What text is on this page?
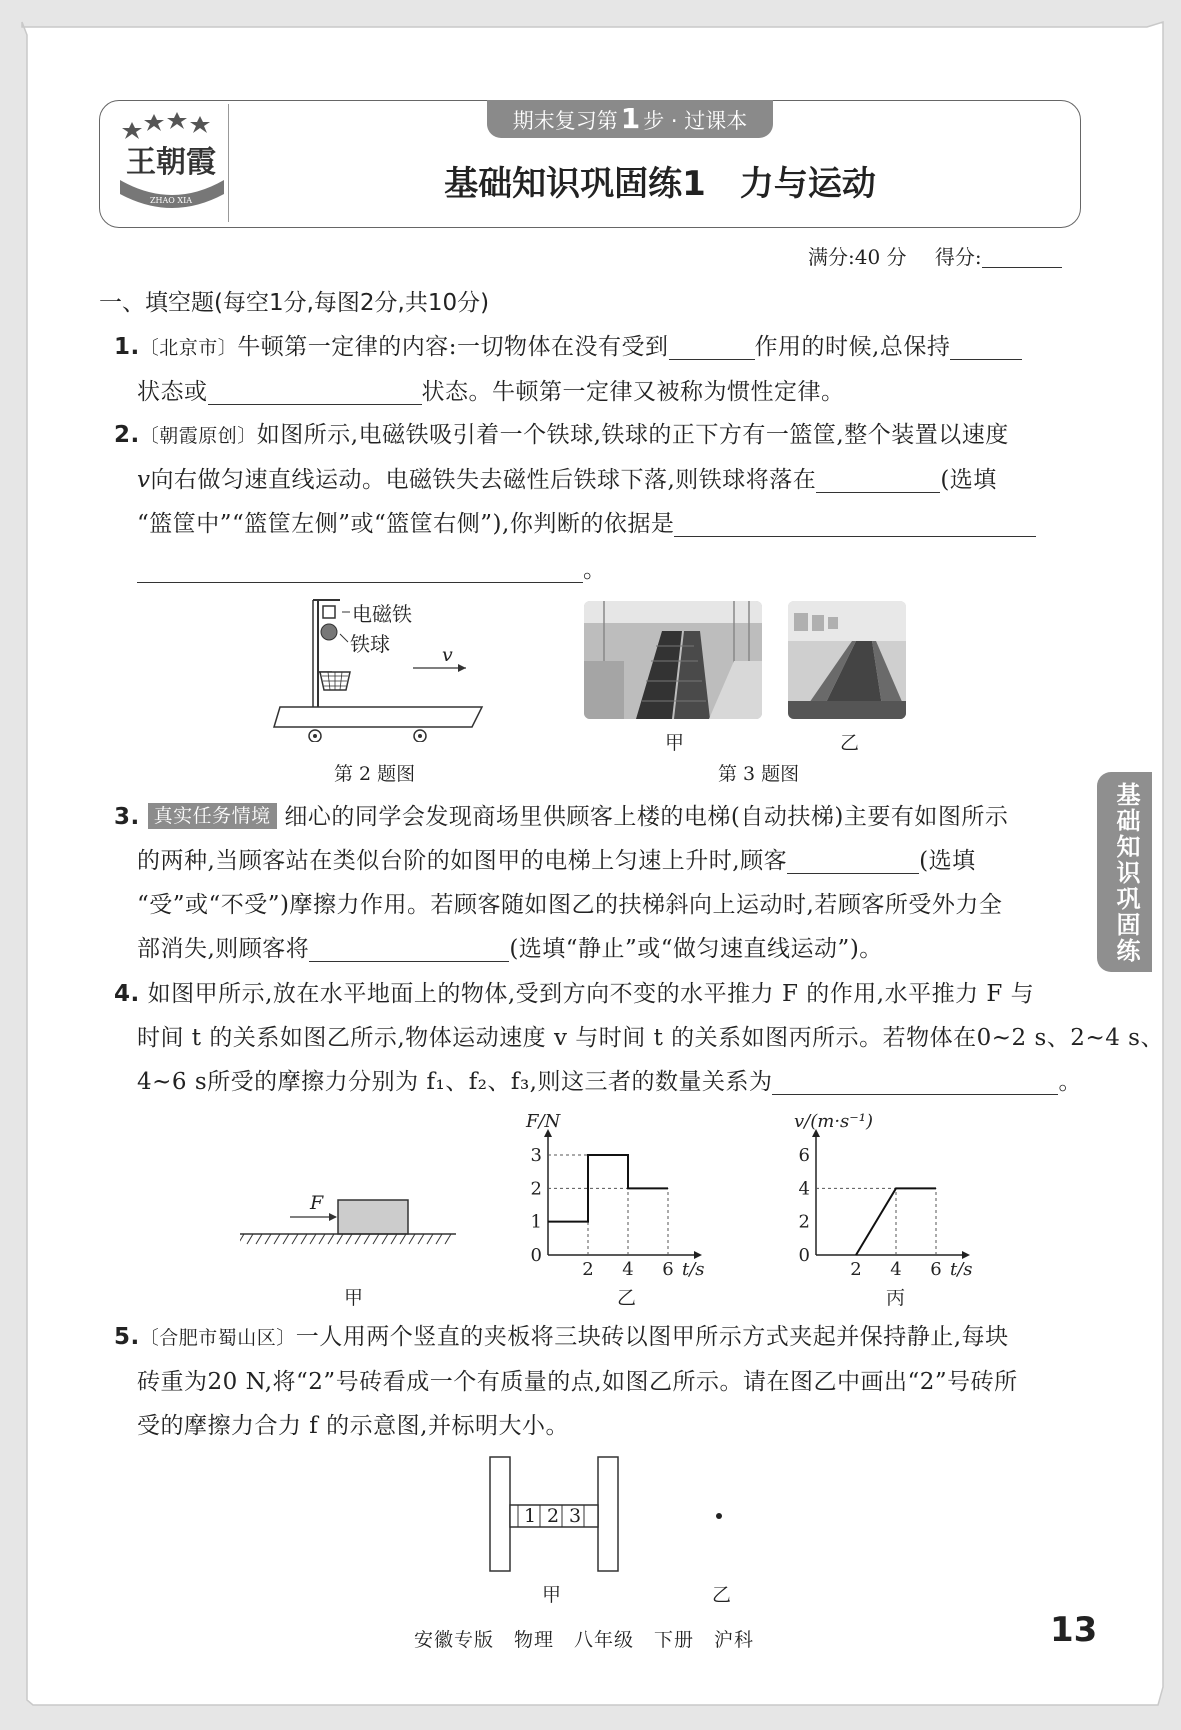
ZHAO XIA
王朝霞
期末复习第 1 步 · 过课本
基础知识巩固练1　力与运动
满分:40 分 得分:
基础知识巩固练
一、填空题(每空1分,每图2分,共10分)
1.〔北京市〕牛顿第一定律的内容:一切物体在没有受到	作用的时候,总保持
状态或	状态。牛顿第一定律又被称为惯性定律。
2.〔朝霞原创〕如图所示,电磁铁吸引着一个铁球,铁球的正下方有一篮筐,整个装置以速度
v向右做匀速直线运动。电磁铁失去磁性后铁球下落,则铁球将落在	(选填
“篮筐中”“篮筐左侧”或“篮筐右侧”),你判断的依据是
。
电磁铁
铁球	v
第 2 题图
甲	乙
第 3 题图
3. 真实任务情境 细心的同学会发现商场里供顾客上楼的电梯(自动扶梯)主要有如图所示
的两种,当顾客站在类似台阶的如图甲的电梯上匀速上升时,顾客	(选填
“受”或“不受”)摩擦力作用。若顾客随如图乙的扶梯斜向上运动时,若顾客所受外力全
部消失,则顾客将	(选填“静止”或“做匀速直线运动”)。
4. 如图甲所示,放在水平地面上的物体,受到方向不变的水平推力 F 的作用,水平推力 F 与
时间 t 的关系如图乙所示,物体运动速度 v 与时间 t 的关系如图丙所示。若物体在0~2 s、2~4 s、
4~6 s所受的摩擦力分别为 f₁、f₂、f₃,则这三者的数量关系为	。
F
甲
2 4 6
0
1
2
3
t/s
F/N
2 4 6
0
2
4
6
t/s
v/(m·s⁻¹)
乙	丙
5.〔合肥市蜀山区〕一人用两个竖直的夹板将三块砖以图甲所示方式夹起并保持静止,每块
砖重为20 N,将“2”号砖看成一个有质量的点,如图乙所示。请在图乙中画出“2”号砖所
受的摩擦力合力 f 的示意图,并标明大小。
1 2 3
甲	乙
安徽专版　物理　八年级　下册　沪科	13
